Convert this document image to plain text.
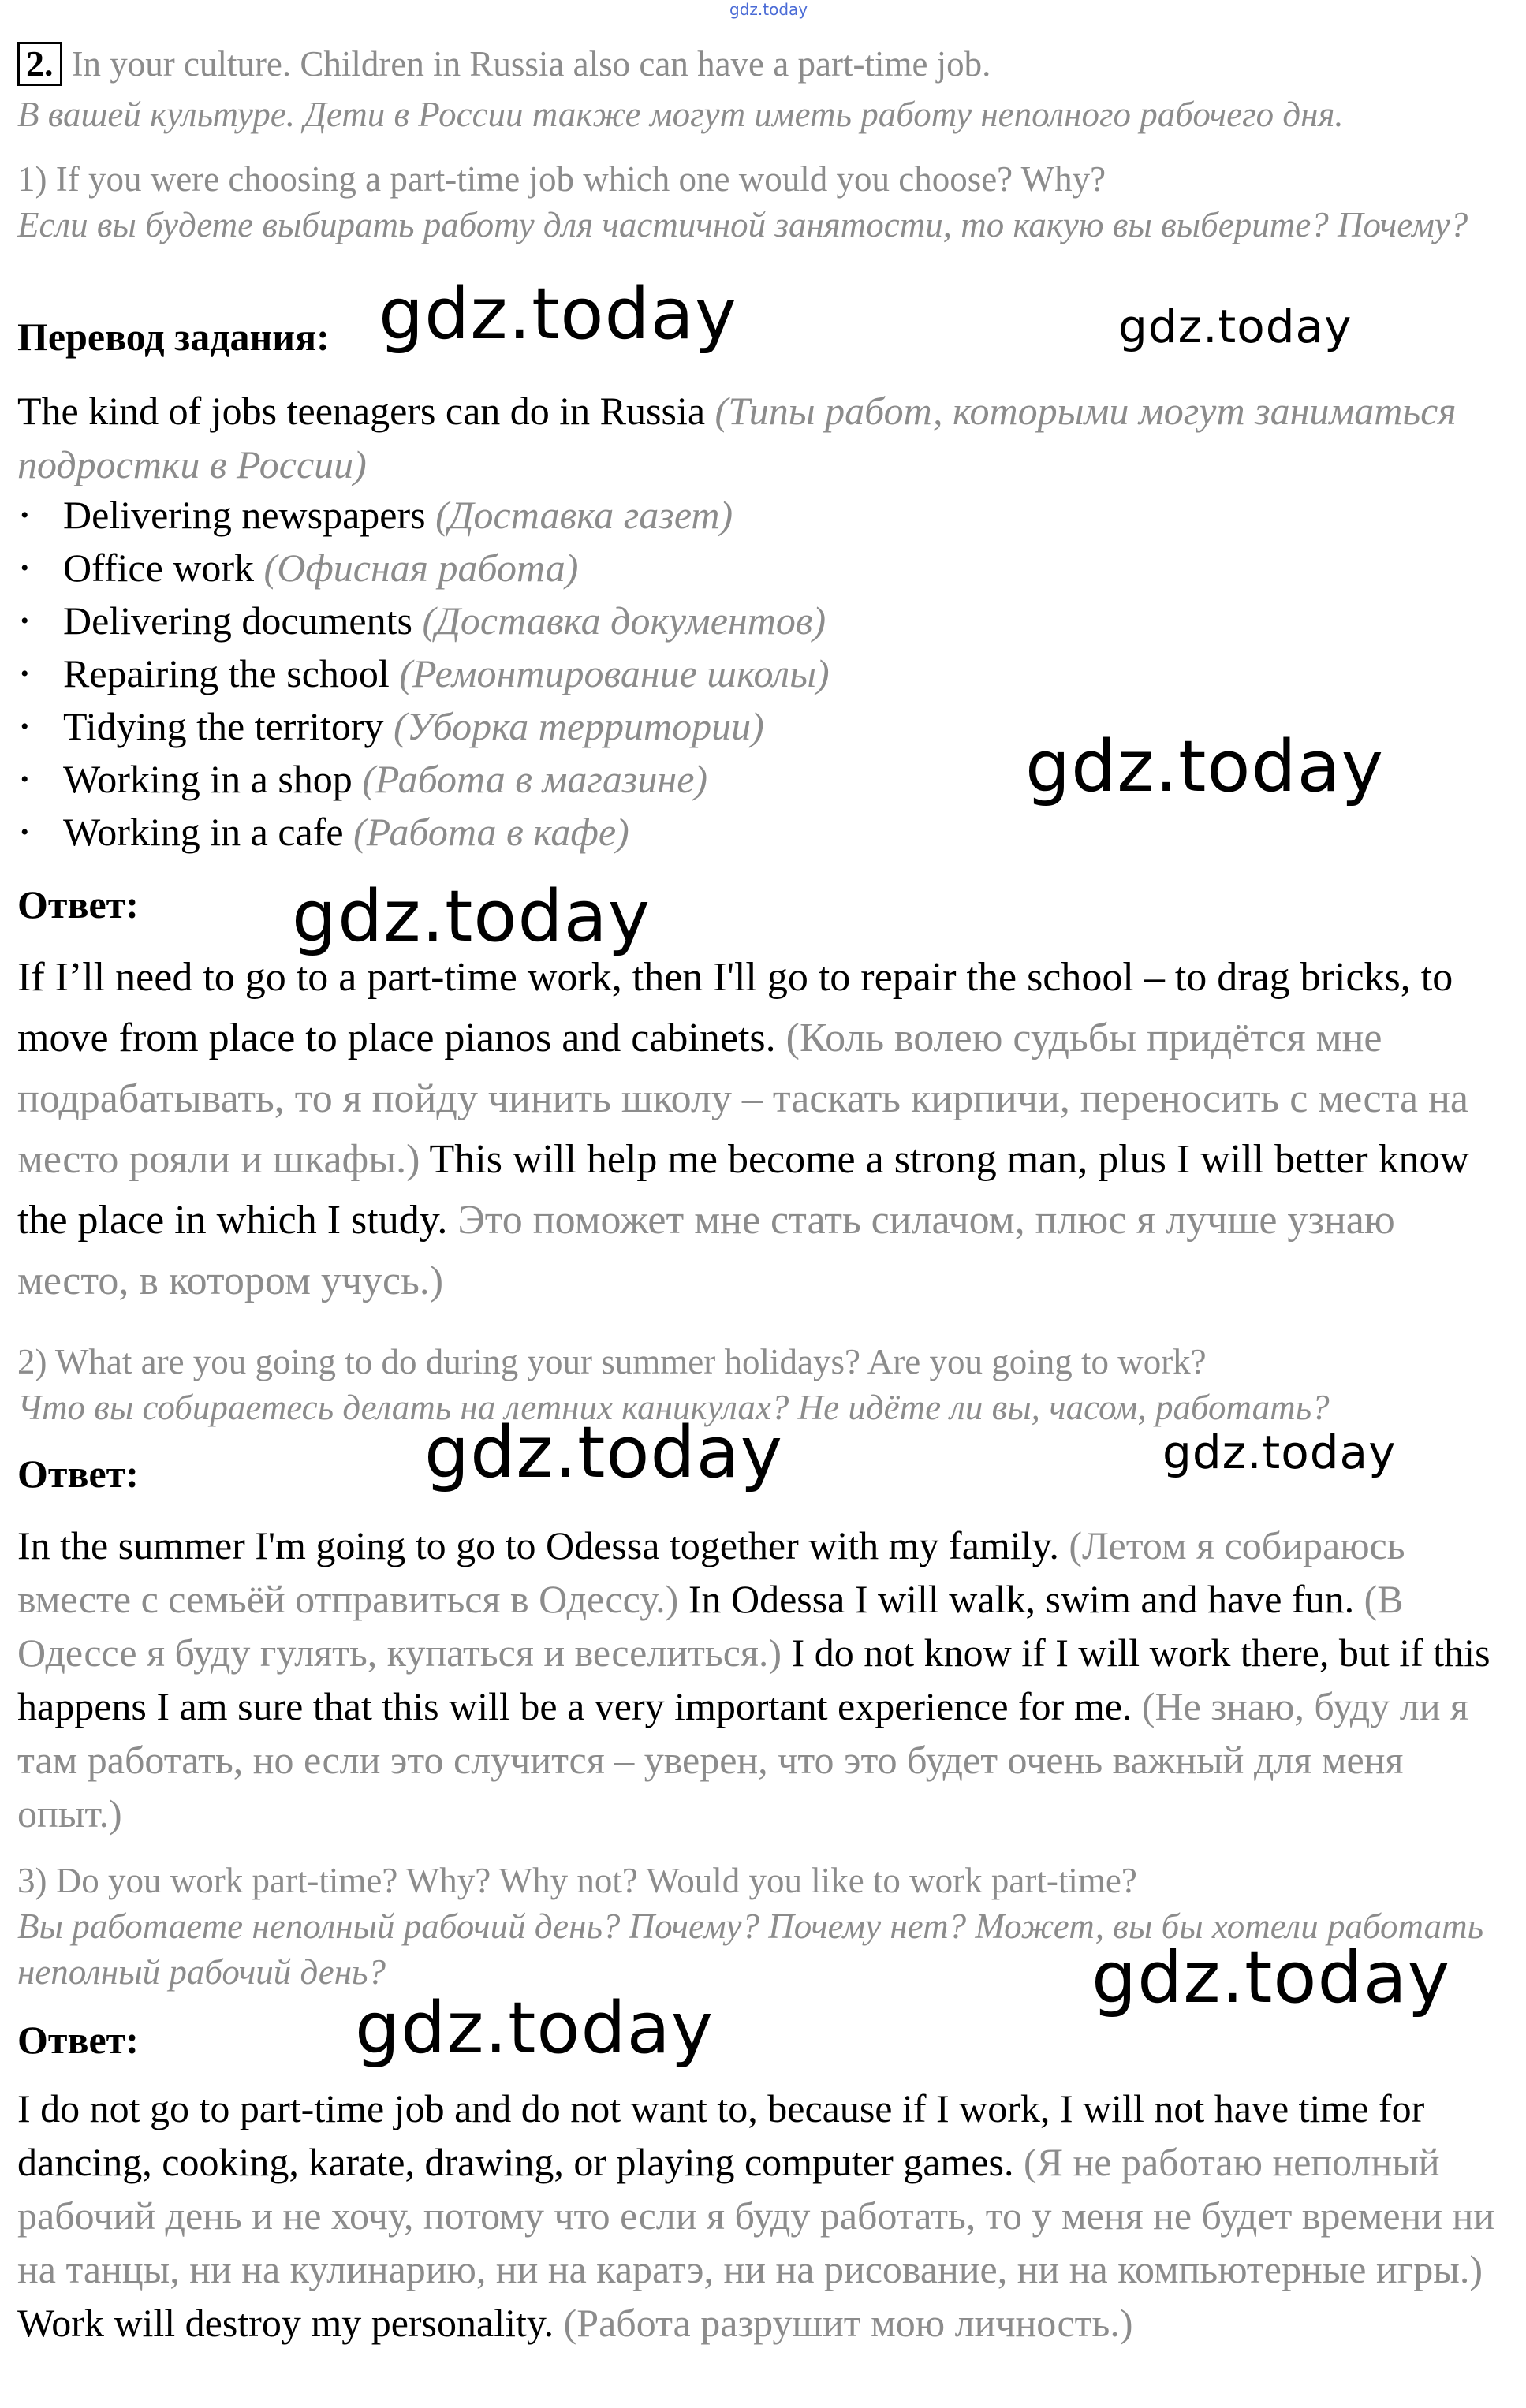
gdz.today
2. In your culture. Children in Russia also can have a part-time job.
В вашей культуре. Дети в России также могут иметь работу неполного рабочего дня.
1) If you were choosing a part-time job which one would you choose? Why?
Если вы будете выбирать работу для частичной занятости, то какую вы выберите? Почему?
Перевод задания:
The kind of jobs teenagers can do in Russia (Типы работ, которыми могут заниматься подростки в России)
• Delivering newspapers (Доставка газет)
• Office work (Офисная работа)
• Delivering documents (Доставка документов)
• Repairing the school (Ремонтирование школы)
• Tidying the territory (Уборка территории)
• Working in a shop (Работа в магазине)
• Working in a cafe (Работа в кафе)
Ответ:
If I’ll need to go to a part-time work, then I'll go to repair the school – to drag bricks, to move from place to place pianos and cabinets. (Коль волею судьбы придётся мне подрабатывать, то я пойду чинить школу – таскать кирпичи, переносить с места на место рояли и шкафы.) This will help me become a strong man, plus I will better know the place in which I study. Это поможет мне стать силачом, плюс я лучше узнаю место, в котором учусь.)
2) What are you going to do during your summer holidays? Are you going to work?
Что вы собираетесь делать на летних каникулах? Не идёте ли вы, часом, работать?
Ответ:
In the summer I'm going to go to Odessa together with my family. (Летом я собираюсь вместе с семьёй отправиться в Одессу.) In Odessa I will walk, swim and have fun. (В Одессе я буду гулять, купаться и веселиться.) I do not know if I will work there, but if this happens I am sure that this will be a very important experience for me. (Не знаю, буду ли я там работать, но если это случится – уверен, что это будет очень важный для меня опыт.)
3) Do you work part-time? Why? Why not? Would you like to work part-time?
Вы работаете неполный рабочий день? Почему? Почему нет? Может, вы бы хотели работать неполный рабочий день?
Ответ:
I do not go to part-time job and do not want to, because if I work, I will not have time for dancing, cooking, karate, drawing, or playing computer games. (Я не работаю неполный рабочий день и не хочу, потому что если я буду работать, то у меня не будет времени ни на танцы, ни на кулинарию, ни на каратэ, ни на рисование, ни на компьютерные игры.) Work will destroy my personality. (Работа разрушит мою личность.)
gdz.today	gdz.today
gdz.today
gdz.today
gdz.today	gdz.today
gdz.today
gdz.today
